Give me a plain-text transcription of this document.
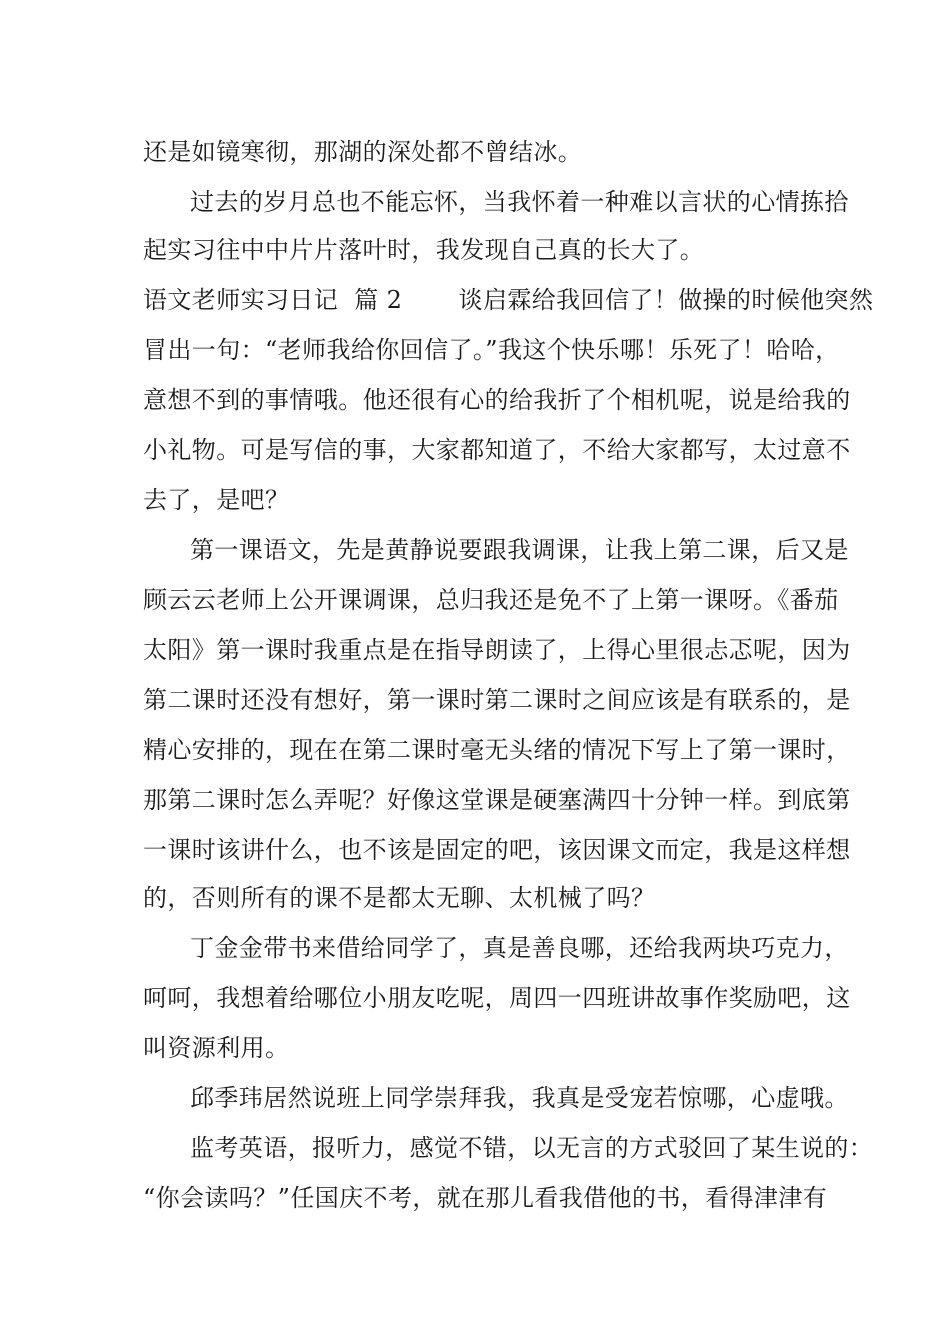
还是如镜寒彻，那湖的深处都不曾结冰。
过去的岁月总也不能忘怀，当我怀着一种难以言状的心情拣拾
起实习往中中片片落叶时，我发现自己真的长大了。
语文老师实习日记  篇 2       谈启霖给我回信了！做操的时候他突然
冒出一句：“老师我给你回信了。”我这个快乐哪！乐死了！哈哈，
意想不到的事情哦。他还很有心的给我折了个相机呢，说是给我的
小礼物。可是写信的事，大家都知道了，不给大家都写，太过意不
去了，是吧？
第一课语文，先是黄静说要跟我调课，让我上第二课，后又是
顾云云老师上公开课调课，总归我还是免不了上第一课呀。《番茄
太阳》第一课时我重点是在指导朗读了，上得心里很忐忑呢，因为
第二课时还没有想好，第一课时第二课时之间应该是有联系的，是
精心安排的，现在在第二课时毫无头绪的情况下写上了第一课时，
那第二课时怎么弄呢？好像这堂课是硬塞满四十分钟一样。到底第
一课时该讲什么，也不该是固定的吧，该因课文而定，我是这样想
的，否则所有的课不是都太无聊、太机械了吗？
丁金金带书来借给同学了，真是善良哪，还给我两块巧克力，
呵呵，我想着给哪位小朋友吃呢，周四一四班讲故事作奖励吧，这
叫资源利用。
邱季玮居然说班上同学崇拜我，我真是受宠若惊哪，心虚哦。
监考英语，报听力，感觉不错，以无言的方式驳回了某生说的：
“你会读吗？”任国庆不考，就在那儿看我借他的书，看得津津有
